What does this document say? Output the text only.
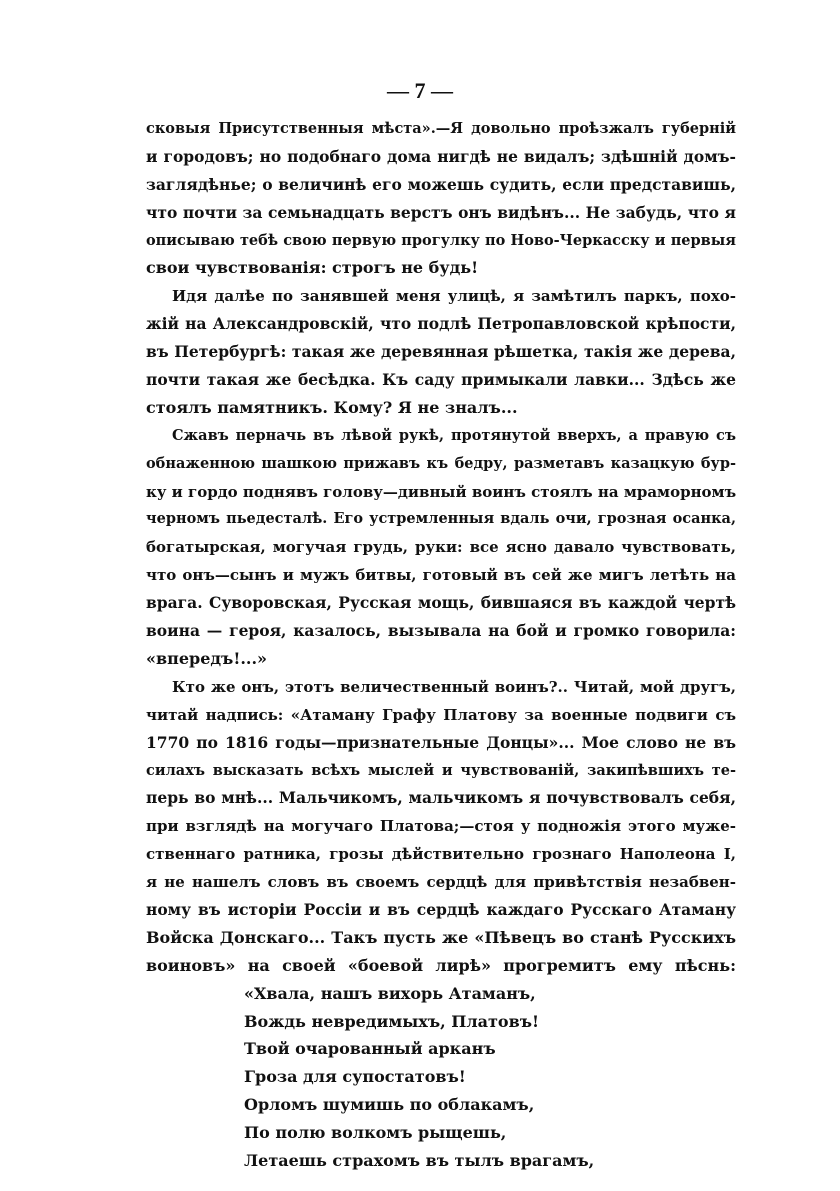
— 7 —
сковыя Присутственныя мѣста».—Я довольно проѣзжалъ губерній
и городовъ; но подобнаго дома нигдѣ не видалъ; здѣшній домъ-
заглядѣнье; о величинѣ его можешь судить, если представишь,
что почти за семьнадцать верстъ онъ видѣнъ... Не забудь, что я
описываю тебѣ свою первую прогулку по Ново-Черкасску и первыя
свои чувствованія: строгъ не будь!
Идя далѣе по занявшей меня улицѣ, я замѣтилъ паркъ, похо-
жій на Александровскій, что подлѣ Петропавловской крѣпости,
въ Петербургѣ: такая же деревянная рѣшетка, такія же дерева,
почти такая же бесѣдка. Къ саду примыкали лавки... Здѣсь же
стоялъ памятникъ. Кому? Я не зналъ...
Сжавъ перначь въ лѣвой рукѣ, протянутой вверхъ, а правую съ
обнаженною шашкою прижавъ къ бедру, разметавъ казацкую бур-
ку и гордо поднявъ голову—дивный воинъ стоялъ на мраморномъ
черномъ пьедесталѣ. Его устремленныя вдаль очи, грозная осанка,
богатырская, могучая грудь, руки: все ясно давало чувствовать,
что онъ—сынъ и мужъ битвы, готовый въ сей же мигъ летѣть на
врага. Суворовская, Русская мощь, бившаяся въ каждой чертѣ
воина — героя, казалось, вызывала на бой и громко говорила:
«впередъ!...»
Кто же онъ, этотъ величественный воинъ?.. Читай, мой другъ,
читай надпись: «Атаману Графу Платову за военные подвиги съ
1770 по 1816 годы—признательные Донцы»... Мое слово не въ
силахъ высказать всѣхъ мыслей и чувствованій, закипѣвшихъ те-
перь во мнѣ... Мальчикомъ, мальчикомъ я почувствовалъ себя,
при взглядѣ на могучаго Платова;—стоя у подножія этого муже-
ственнаго ратника, грозы дѣйствительно грознаго Наполеона I,
я не нашелъ словъ въ своемъ сердцѣ для привѣтствія незабвен-
ному въ исторіи Россіи и въ сердцѣ каждаго Русскаго Атаману
Войска Донскаго... Такъ пусть же «Пѣвецъ во станѣ Русскихъ
воиновъ» на своей «боевой лирѣ» прогремитъ ему пѣснь:
«Хвала, нашъ вихорь Атаманъ,
Вождь невредимыхъ, Платовъ!
Твой очарованный арканъ
Гроза для супостатовъ!
Орломъ шумишь по облакамъ,
По полю волкомъ рыщешь,
Летаешь страхомъ въ тылъ врагамъ,
